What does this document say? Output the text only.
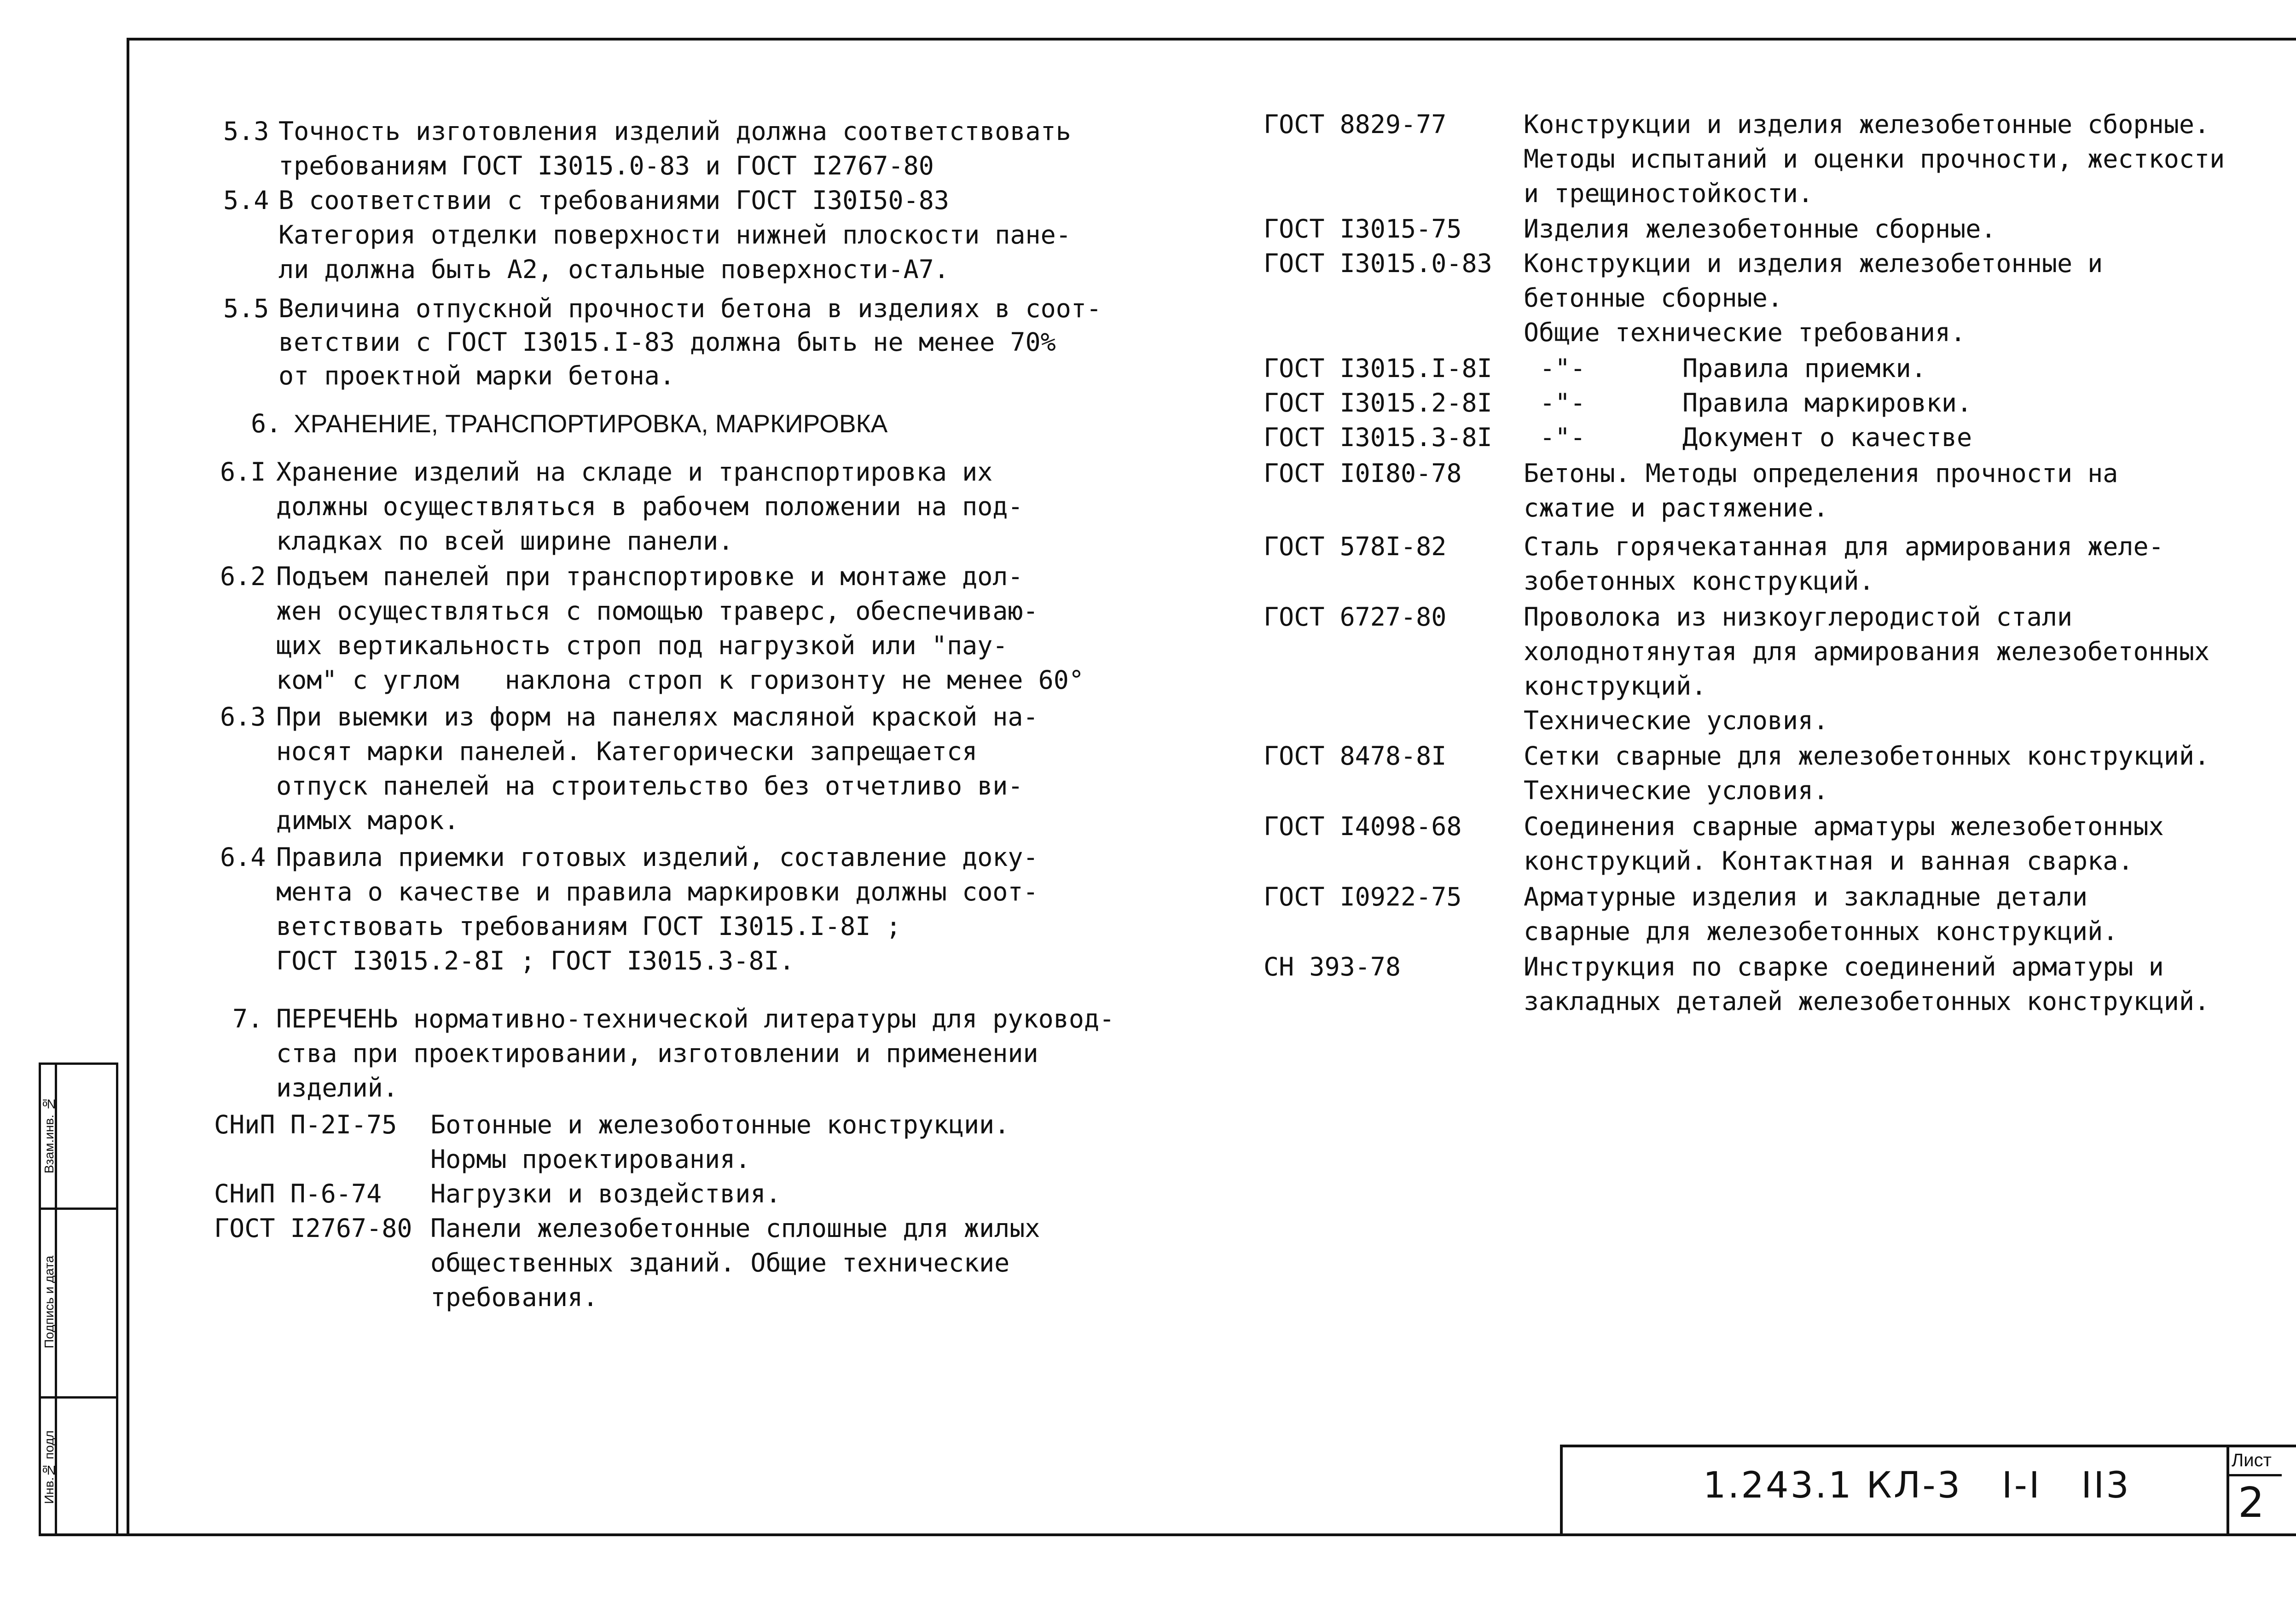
Взам.инв. №
Подпись и дата
Инв.№ подл
5.3 Точность изготовления изделий должна соответствовать
требованиям ГОСТ I3015.0-83 и ГОСТ I2767-80
5.4 В соответствии с требованиями ГОСТ I30I50-83
Категория отделки поверхности нижней плоскости пане-
ли должна быть А2, остальные поверхности-А7.
5.5 Величина отпускной прочности бетона в изделиях в соот-
ветствии с ГОСТ I3015.I-83 должна быть не менее 70%
от проектной марки бетона.
6. ХРАНЕНИЕ, ТРАНСПОРТИРОВКА, МАРКИРОВКА
6.I Хранение изделий на складе и транспортировка их
должны осуществляться в рабочем положении на под-
кладках по всей ширине панели.
6.2 Подъем панелей при транспортировке и монтаже дол-
жен осуществляться с помощью траверс, обеспечиваю-
щих вертикальность строп под нагрузкой или "пау-
ком" с углом   наклона строп к горизонту не менее 60°
6.3 При выемки из форм на панелях масляной краской на-
носят марки панелей. Категорически запрещается
отпуск панелей на строительство без отчетливо ви-
димых марок.
6.4 Правила приемки готовых изделий, составление доку-
мента о качестве и правила маркировки должны соот-
ветствовать требованиям ГОСТ I3015.I-8I ;
ГОСТ I3015.2-8I ; ГОСТ I3015.3-8I.
7. ПЕРЕЧЕНЬ нормативно-технической литературы для руковод-
ства при проектировании, изготовлении и применении
изделий.
СНиП П-2I-75 Ботонные и железоботонные конструкции.
Нормы проектирования.
СНиП П-6-74 Нагрузки и воздействия.
ГОСТ I2767-80 Панели железобетонные сплошные для жилых
общественных зданий. Общие технические
требования.
ГОСТ 8829-77	Конструкции и изделия железобетонные сборные.
Методы испытаний и оценки прочности, жесткости
и трещиностойкости.
ГОСТ I3015-75 Изделия железобетонные сборные.
ГОСТ I3015.0-83 Конструкции и изделия железобетонные и
бетонные сборные.
Общие технические требования.
ГОСТ I3015.I-8I -"-	Правила приемки.
ГОСТ I3015.2-8I -"-	Правила маркировки.
ГОСТ I3015.3-8I -"-	Документ о качестве
ГОСТ I0I80-78 Бетоны. Методы определения прочности на
сжатие и растяжение.
ГОСТ 578I-82	Сталь горячекатанная для армирования желе-
зобетонных конструкций.
ГОСТ 6727-80	Проволока из низкоуглеродистой стали
холоднотянутая для армирования железобетонных
конструкций.
Технические условия.
ГОСТ 8478-8I	Сетки сварные для железобетонных конструкций.
Технические условия.
ГОСТ I4098-68 Соединения сварные арматуры железобетонных
конструкций. Контактная и ванная сварка.
ГОСТ I0922-75 Арматурные изделия и закладные детали
сварные для железобетонных конструкций.
СН 393-78	Инструкция по сварке соединений арматуры и
закладных деталей железобетонных конструкций.
1.243.1 КЛ-3   I-I   II3
Лист
2
